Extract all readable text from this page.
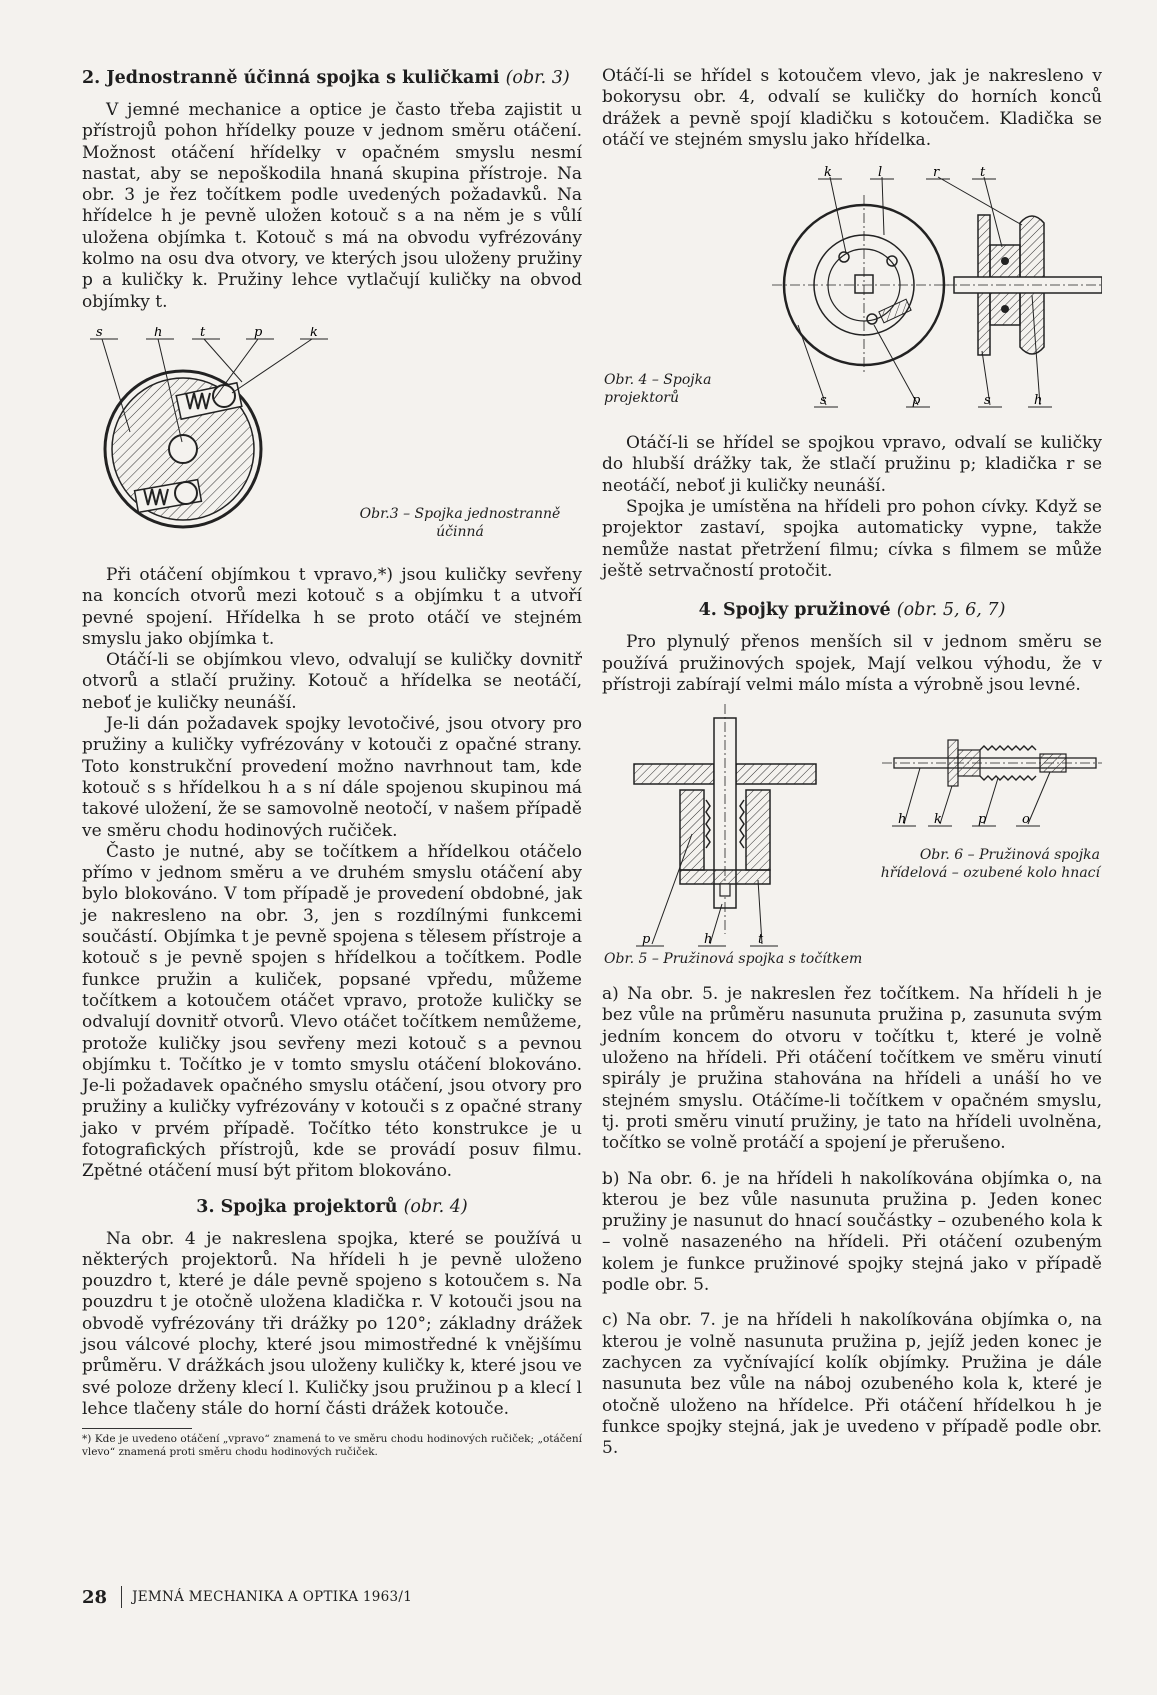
2. Jednostranně účinná spojka s kuličkami (obr. 3)

V jemné mechanice a optice je často třeba zajistit u přístrojů pohon hřídelky pouze v jednom směru otáčení. Možnost otáčení hřídelky v opačném smyslu nesmí nastat, aby se nepoškodila hnaná skupina přístroje. Na obr. 3 je řez točítkem podle uvedených požadavků. Na hřídelce h je pevně uložen kotouč s a na něm je s vůlí uložena objímka t. Kotouč s má na obvodu vyfrézovány kolmo na osu dva otvory, ve kterých jsou uloženy pružiny p a kuličky k. Pružiny lehce vytlačují kuličky na obvod objímky t.

s	h	t	p	k
Obr.3 – Spojka jednostranně účinná

Při otáčení objímkou t vpravo,*) jsou kuličky sevřeny na koncích otvorů mezi kotouč s a objímku t a utvoří pevné spojení. Hřídelka h se proto otáčí ve stejném smyslu jako objímka t.

Otáčí-li se objímkou vlevo, odvalují se kuličky dovnitř otvorů a stlačí pružiny. Kotouč a hřídelka se neotáčí, neboť je kuličky neunáší.

Je-li dán požadavek spojky levotočivé, jsou otvory pro pružiny a kuličky vyfrézovány v kotouči z opačné strany. Toto konstrukční provedení možno navrhnout tam, kde kotouč s s hřídelkou h a s ní dále spojenou skupinou má takové uložení, že se samovolně neotočí, v našem případě ve směru chodu hodinových ručiček.

Často je nutné, aby se točítkem a hřídelkou otáčelo přímo v jednom směru a ve druhém smyslu otáčení aby bylo blokováno. V tom případě je provedení obdobné, jak je nakresleno na obr. 3, jen s rozdílnými funkcemi součástí. Objímka t je pevně spojena s tělesem přístroje a kotouč s je pevně spojen s hřídelkou a točítkem. Podle funkce pružin a kuliček, popsané vpředu, můžeme točítkem a kotoučem otáčet vpravo, protože kuličky se odvalují dovnitř otvorů. Vlevo otáčet točítkem nemůžeme, protože kuličky jsou sevřeny mezi kotouč s a pevnou objímku t. Točítko je v tomto smyslu otáčení blokováno. Je-li požadavek opačného smyslu otáčení, jsou otvory pro pružiny a kuličky vyfrézovány v kotouči s z opačné strany jako v prvém případě. Točítko této konstrukce je u fotografických přístrojů, kde se provádí posuv filmu. Zpětné otáčení musí být přitom blokováno.

3. Spojka projektorů (obr. 4)

Na obr. 4 je nakreslena spojka, které se používá u některých projektorů. Na hřídeli h je pevně uloženo pouzdro t, které je dále pevně spojeno s kotoučem s. Na pouzdru t je otočně uložena kladička r. V kotouči jsou na obvodě vyfrézovány tři drážky po 120°; základny drážek jsou válcové plochy, které jsou mimostředné k vnějšímu průměru. V drážkách jsou uloženy kuličky k, které jsou ve své poloze drženy klecí l. Kuličky jsou pružinou p a klecí l lehce tlačeny stále do horní části drážek kotouče.

*) Kde je uvedeno otáčení „vpravo“ znamená to ve směru chodu hodinových ručiček; „otáčení vlevo“ znamená proti směru chodu hodinových ručiček.

Otáčí-li se hřídel s kotoučem vlevo, jak je nakresleno v bokorysu obr. 4, odvalí se kuličky do horních konců drážek a pevně spojí kladičku s kotoučem. Kladička se otáčí ve stejném smyslu jako hřídelka.

k	l	r	t
s	p	s	h
Obr. 4 – Spojka projektorů

Otáčí-li se hřídel se spojkou vpravo, odvalí se kuličky do hlubší drážky tak, že stlačí pružinu p; kladička r se neotáčí, neboť ji kuličky neunáší.

Spojka je umístěna na hřídeli pro pohon cívky. Když se projektor zastaví, spojka automaticky vypne, takže nemůže nastat přetržení filmu; cívka s filmem se může ještě setrvačností protočit.

4. Spojky pružinové (obr. 5, 6, 7)

Pro plynulý přenos menších sil v jednom směru se používá pružinových spojek, Mají velkou výhodu, že v přístroji zabírají velmi málo místa a výrobně jsou levné.

p	h	t
h k	p	o
Obr. 6 – Pružinová spojka hřídelová – ozubené kolo hnací
Obr. 5 – Pružinová spojka s točítkem

a) Na obr. 5. je nakreslen řez točítkem. Na hřídeli h je bez vůle na průměru nasunuta pružina p, zasunuta svým jedním koncem do otvoru v točítku t, které je volně uloženo na hřídeli. Při otáčení točítkem ve směru vinutí spirály je pružina stahována na hřídeli a unáší ho ve stejném smyslu. Otáčíme-li točítkem v opačném smyslu, tj. proti směru vinutí pružiny, je tato na hřídeli uvolněna, točítko se volně protáčí a spojení je přerušeno.

b) Na obr. 6. je na hřídeli h nakolíkována objímka o, na kterou je bez vůle nasunuta pružina p. Jeden konec pružiny je nasunut do hnací součástky – ozubeného kola k – volně nasazeného na hřídeli. Při otáčení ozubeným kolem je funkce pružinové spojky stejná jako v případě podle obr. 5.

c) Na obr. 7. je na hřídeli h nakolíkována objímka o, na kterou je volně nasunuta pružina p, jejíž jeden konec je zachycen za vyčnívající kolík objímky. Pružina je dále nasunuta bez vůle na náboj ozubeného kola k, které je otočně uloženo na hřídelce. Při otáčení hřídelkou h je funkce spojky stejná, jak je uvedeno v případě podle obr. 5.

28 JEMNÁ MECHANIKA A OPTIKA 1963/1
